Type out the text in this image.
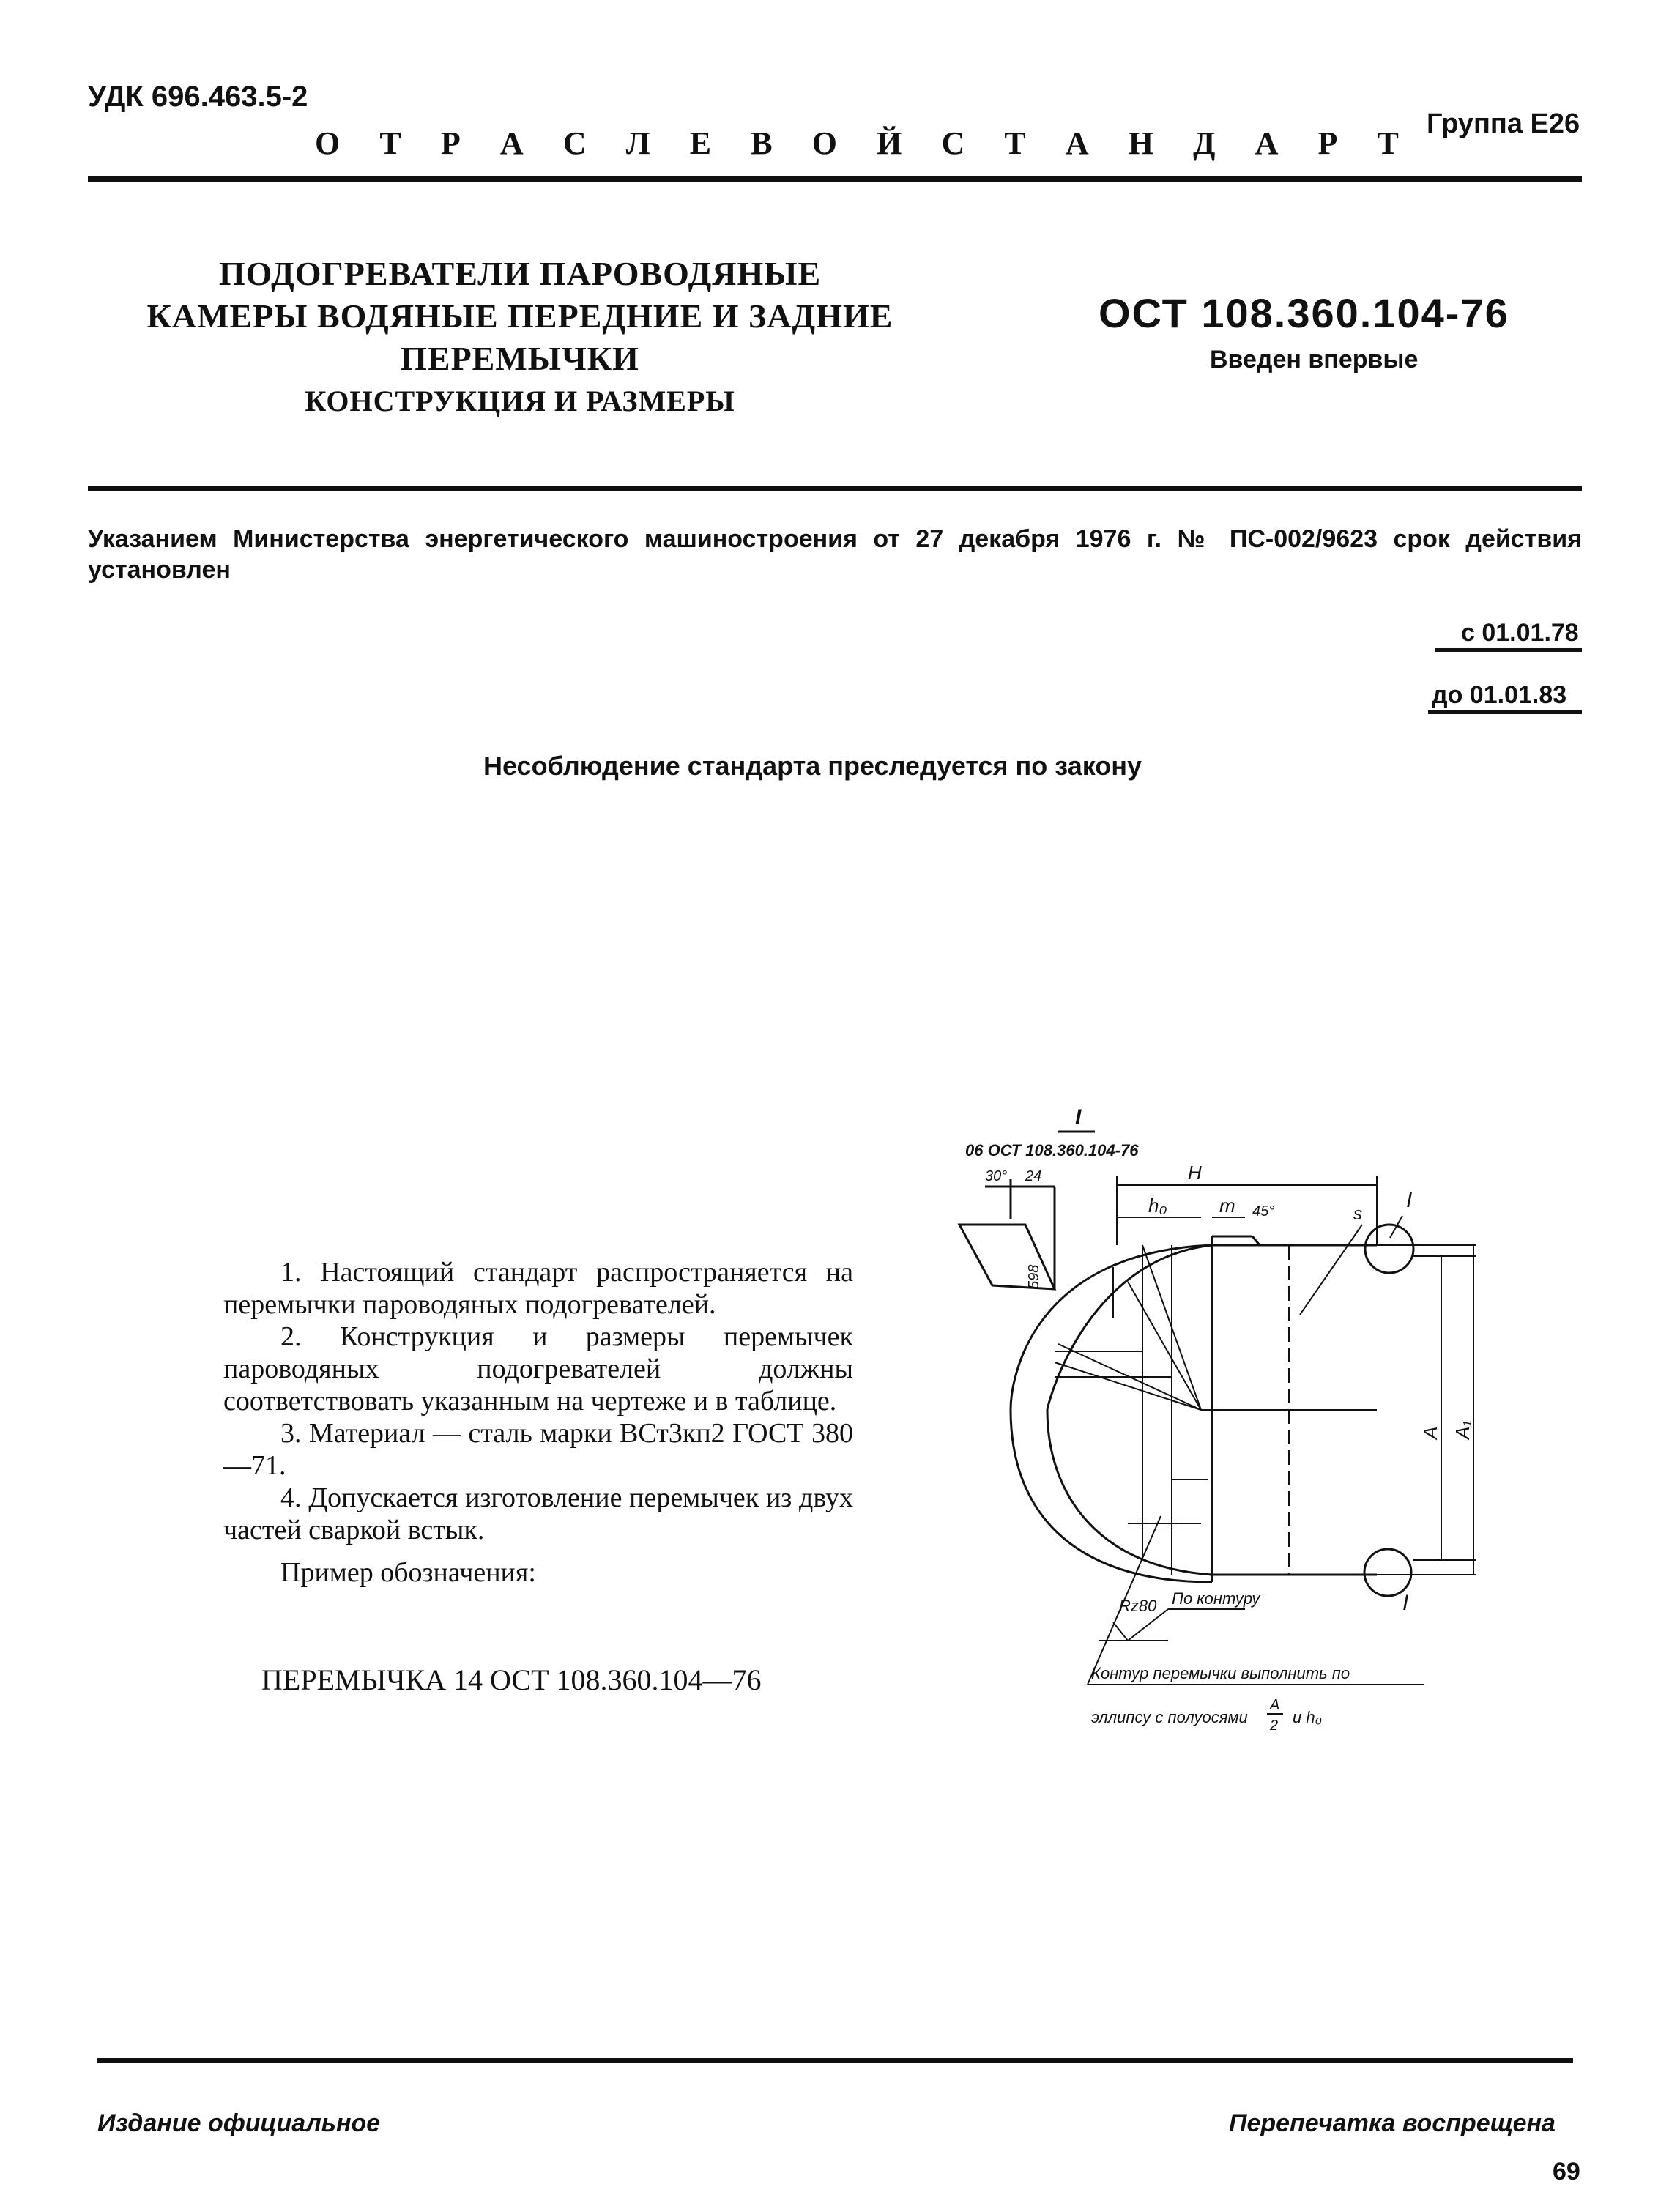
УДК 696.463.5-2
Группа Е26
О Т Р А С Л Е В О Й С Т А Н Д А Р Т
ПОДОГРЕВАТЕЛИ ПАРОВОДЯНЫЕ
КАМЕРЫ ВОДЯНЫЕ ПЕРЕДНИЕ И ЗАДНИЕ
ПЕРЕМЫЧКИ
КОНСТРУКЦИЯ И РАЗМЕРЫ
ОСТ 108.360.104-76
Введен впервые
Указанием Министерства энергетического машиностроения от 27 декабря 1976 г. № ПС-002/9623 срок действия установлен
с 01.01.78
до 01.01.83
Несоблюдение стандарта преследуется по закону

1. Настоящий стандарт распространяется на перемычки пароводяных подогревателей.

2. Конструкция и размеры перемычек пароводяных подогревателей должны соответствовать указанным на чертеже и в таблице.

3. Материал — сталь марки ВСт3кп2 ГОСТ 380—71.

4. Допускается изготовление перемычек из двух частей сваркой встык.

Пример обозначения:

ПЕРЕМЫЧКА 14 ОСТ 108.360.104—76
I
06 ОСТ 108.360.104-76
30° 24
598
H
h₀	m 45°	s
I
I
A A₁
Rz80 По контуру
Контур перемычки выполнить по
эллипсу с полуосями
A
2 и h₀
Издание официальное	Перепечатка воспрещена
69
